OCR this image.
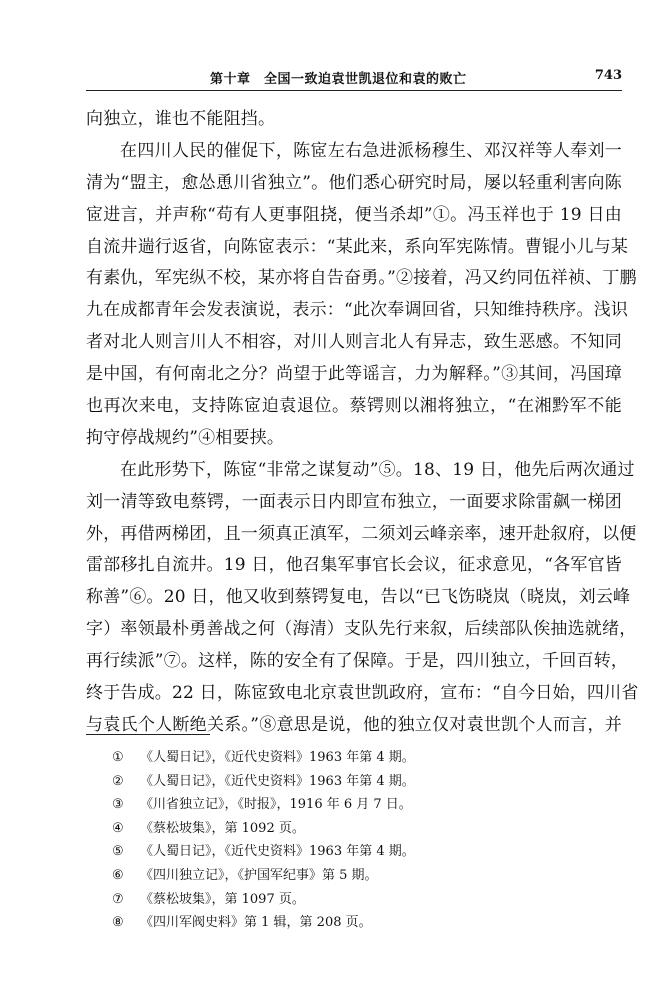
第十章　全国一致迫袁世凯退位和袁的败亡	743
向独立，谁也不能阻挡。
在四川人民的催促下，陈宧左右急进派杨穆生、邓汉祥等人奉刘一
清为“盟主，愈怂恿川省独立”。他们悉心研究时局，屡以轻重利害向陈
宧进言，并声称“苟有人更事阻挠，便当杀却”①。冯玉祥也于 19 日由
自流井遄行返省，向陈宧表示：“某此来，系向军宪陈情。曹锟小儿与某
有素仇，军宪纵不校，某亦将自告奋勇。”②接着，冯又约同伍祥祯、丁鹏
九在成都青年会发表演说，表示：“此次奉调回省，只知维持秩序。浅识
者对北人则言川人不相容，对川人则言北人有异志，致生恶感。不知同
是中国，有何南北之分？尚望于此等谣言，力为解释。”③其间，冯国璋
也再次来电，支持陈宧迫袁退位。蔡锷则以湘将独立，“在湘黔军不能
拘守停战规约”④相要挟。
在此形势下，陈宧“非常之谋复动”⑤。18、19 日，他先后两次通过
刘一清等致电蔡锷，一面表示日内即宣布独立，一面要求除雷飙一梯团
外，再借两梯团，且一须真正滇军，二须刘云峰亲率，速开赴叙府，以便
雷部移扎自流井。19 日，他召集军事官长会议，征求意见，“各军官皆
称善”⑥。20 日，他又收到蔡锷复电，告以“已飞饬晓岚（晓岚，刘云峰
字）率领最朴勇善战之何（海清）支队先行来叙，后续部队俟抽选就绪，
再行续派”⑦。这样，陈的安全有了保障。于是，四川独立，千回百转，
终于告成。22 日，陈宧致电北京袁世凯政府，宣布：“自今日始，四川省
与袁氏个人断绝关系。”⑧意思是说，他的独立仅对袁世凯个人而言，并
① 《人蜀日记》，《近代史资料》1963 年第 4 期。
② 《人蜀日记》，《近代史资料》1963 年第 4 期。
③ 《川省独立记》，《时报》，1916 年 6 月 7 日。
④ 《蔡松坡集》，第 1092 页。
⑤ 《人蜀日记》，《近代史资料》1963 年第 4 期。
⑥ 《四川独立记》，《护国军纪事》第 5 期。
⑦ 《蔡松坡集》，第 1097 页。
⑧ 《四川军阀史料》第 1 辑，第 208 页。
